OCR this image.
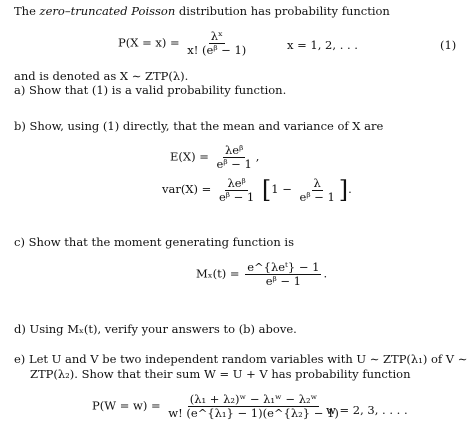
The zero–truncated Poisson distribution has probability function
$P(X = x) = \frac{\text{λˣ}}{\text{x! (eᵝ − 1)}}$	x = 1, 2, . . .	(1)
and is denoted as X ∼ ZTP(λ).
a) Show that (1) is a valid probability function.
b) Show, using (1) directly, that the mean and variance of X are
$E(X) = \frac{\text{λeᵝ}}{\text{eᵝ − 1}}$ ,
$var(X) = \frac{\text{λeᵝ}}{\text{eᵝ − 1}} [1 - \frac{\lambda}{\text{eᵝ − 1}}$ ].
c) Show that the moment generating function is
$M_x(t) = \frac{\text{e\textasciicircum{}\{λeᵗ\} − 1}}{\text{eᵝ − 1}}$ .
d) Using Mₓ(t), verify your answers to (b) above.
e) Let U and V be two independent random variables with U ∼ ZTP(λ₁) of V ∼
ZTP(λ₂). Show that their sum W = U + V has probability function
$P(W = w) = \frac{\text{(λ₁ + λ₂)ʷ − λ₁ʷ − λ₂ʷ}}{\text{w! (e\textasciicircum{}\{λ₁\} − 1)(e\textasciicircum{}\{λ₂\} − 1)}}$
w = 2, 3, . . . .
